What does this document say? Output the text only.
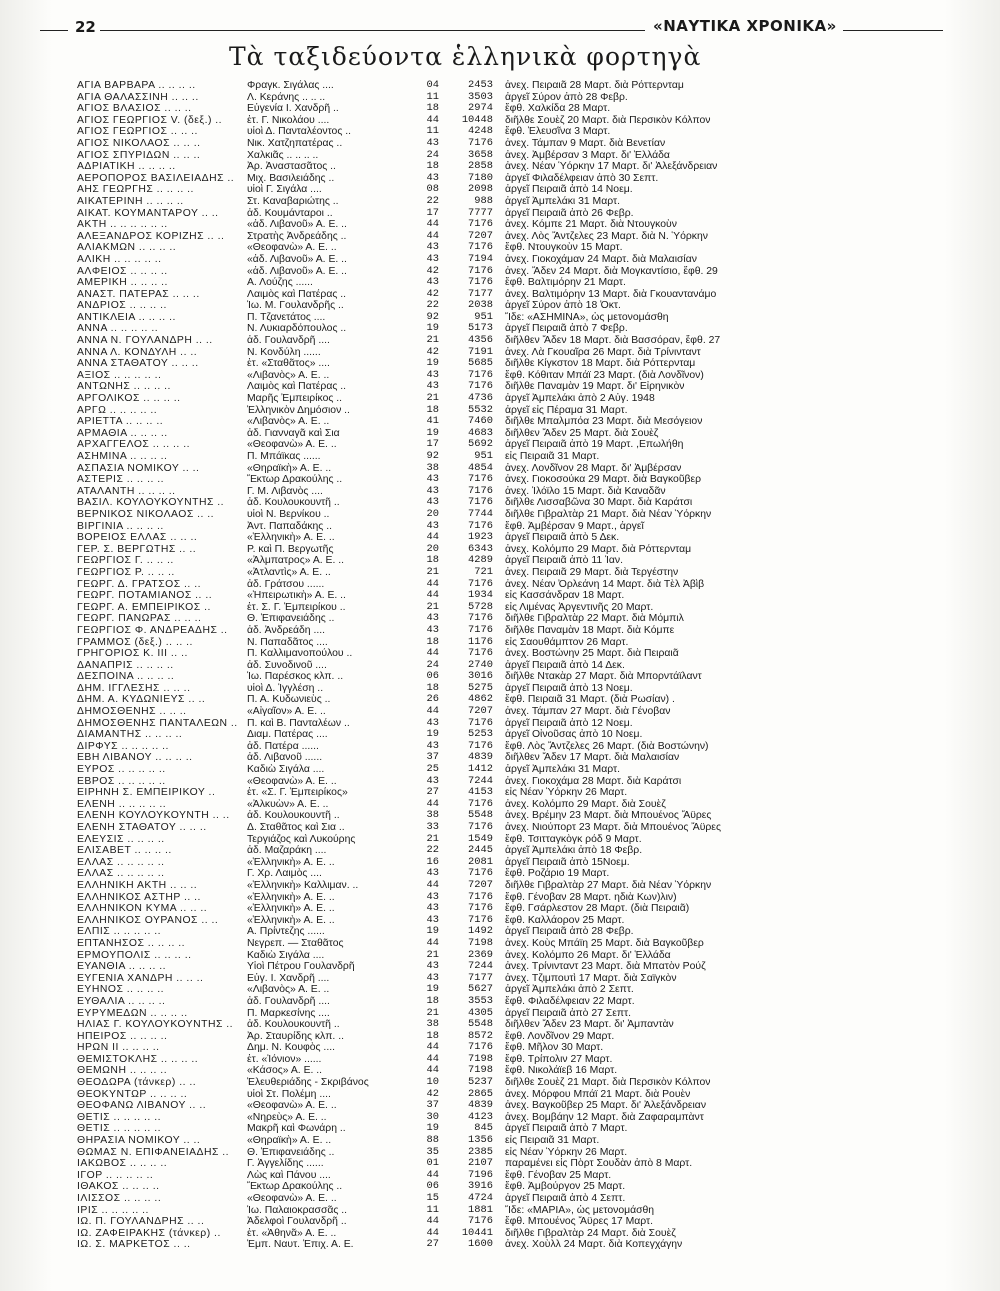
22	«ΝΑΥΤΙΚΑ ΧΡΟΝΙΚΑ»
Τὰ ταξιδεύοντα ἑλληνικὰ φορτηγὰ
ΑΓΙΑ ΒΑΡΒΑΡΑ .. .. .. ..	Φραγκ. Σιγάλας ....	04	2453 ἀνεχ. Πειραιᾶ 28 Μαρτ. διὰ Ρόττερνταμ
ΑΓΙΑ ΘΑΛΑΣΣΙΝΗ .. .. ..	Λ. Κεράνης .. .. ..	11	3503 ἀργεῖ Σύρον ἀπὸ 28 Φεβρ.
ΑΓΙΟΣ ΒΛΑΣΙΟΣ .. .. ..	Εὐγενία Ι. Χανδρῆ ..	18	2974 ἔφθ. Χαλκίδα 28 Μαρτ.
ΑΓΙΟΣ ΓΕΩΡΓΙΟΣ V. (δεξ.) ..	ἑτ. Γ. Νικολάου ....	44	10448 διῆλθε Σουὲζ 20 Μαρτ. διὰ Περσικὸν Κόλπον
ΑΓΙΟΣ ΓΕΩΡΓΙΟΣ .. .. ..	υἱοὶ Δ. Πανταλέοντος ..	11	4248 ἔφθ. Ἐλευσῖνα 3 Μαρτ.
ΑΓΙΟΣ ΝΙΚΟΛΑΟΣ .. .. ..	Νικ. Χατζηπατέρας ..	43	7176 ἀνεχ. Τάμπαν 9 Μαρτ. διὰ Βενετίαν
ΑΓΙΟΣ ΣΠΥΡΙΔΩΝ .. .. ..	Χαλκιᾶς .. .. .. ..	24	3658 ἀνεχ. Ἀμβέρσαν 3 Μαρτ. δι' Ἑλλάδα
ΑΔΡΙΑΤΙΚΗ .. .. .. ..	Ἀρ. Ἀναστασᾶτος ..	18	2858 ἀνεχ. Νέαν Ὑόρκην 17 Μαρτ. δι' Ἀλεξάνδρειαν
ΑΕΡΟΠΟΡΟΣ ΒΑΣΙΛΕΙΑΔΗΣ ..	Μιχ. Βασιλειάδης ..	43	7180 ἀργεῖ Φιλαδέλφειαν ἀπὸ 30 Σεπτ.
ΑΗΣ ΓΕΩΡΓΗΣ .. .. .. ..	υἱοὶ Γ. Σιγάλα ....	08	2098 ἀργεῖ Πειραιᾶ ἀπὸ 14 Νοεμ.
ΑΙΚΑΤΕΡΙΝΗ .. .. .. ..	Στ. Καναβαριώτης ..	22	988 ἀργεῖ Ἀμπελάκι 31 Μαρτ.
ΑΙΚΑΤ. ΚΟΥΜΑΝΤΑΡΟΥ .. ..	ἀδ. Κουμάνταροι ..	17	7777 ἀργεῖ Πειραιᾶ ἀπὸ 26 Φεβρ.
ΑΚΤΗ .. .. .. .. .. ..	«ἀδ. Λιβανοῦ» Α. Ε. ..	44	7176 ἀνεχ. Κόμπε 21 Μαρτ. διὰ Ντουγκοὺν
ΑΛΕΞΑΝΔΡΟΣ ΚΟΡΙΖΗΣ .. ..	Στρατὴς Ἀνδρεάδης ..	44	7207 ἀνεχ. Λὸς Ἄντζελες 23 Μαρτ. διὰ Ν. Ὑόρκην
ΑΛΙΑΚΜΩΝ .. .. .. ..	«Θεοφανὼ» Α. Ε. ..	43	7176 ἔφθ. Ντουγκοὺν 15 Μαρτ.
ΑΛΙΚΗ .. .. .. .. ..	«ἀδ. Λιβανοῦ» Α. Ε. ..	43	7194 ἀνεχ. Γιοκοχάμαν 24 Μαρτ. διὰ Μαλαισίαν
ΑΛΦΕΙΟΣ .. .. .. ..	«ἀδ. Λιβανοῦ» Α. Ε. ..	42	7176 ἀνεχ. Ἄδεν 24 Μαρτ. διὰ Μογκαντίσιο, ἔφθ. 29
ΑΜΕΡΙΚΗ .. .. .. ..	Α. Λούζης ......	43	7176 ἔφθ. Βαλτιμόρην 21 Μαρτ.
ΑΝΑΣΤ. ΠΑΤΕΡΑΣ .. .. ..	Λαιμὸς καὶ Πατέρας ..	42	7177 ἀνεχ. Βαλτιμόρην 13 Μαρτ. διὰ Γκουαντανάμο
ΑΝΔΡΙΟΣ .. .. .. ..	Ἰω. Μ. Γουλανδρῆς ..	22	2038 ἀργεῖ Σύρον ἀπὸ 18 Ὀκτ.
ΑΝΤΙΚΛΕΙΑ .. .. .. ..	Π. Τζανετάτος ....	92	951 Ἴδε: «ΑΣΗΜΙΝΑ», ὡς μετονομάσθη
ΑΝΝΑ .. .. .. .. ..	Ν. Λυκιαρδόπουλος ..	19	5173 ἀργεῖ Πειραιᾶ ἀπὸ 7 Φεβρ.
ΑΝΝΑ Ν. ΓΟΥΛΑΝΔΡΗ .. ..	ἀδ. Γουλανδρῆ ....	21	4356 διῆλθεν Ἄδεν 18 Μαρτ. διὰ Βασσόραν, ἔφθ. 27
ΑΝΝΑ Λ. ΚΟΝΔΥΛΗ .. ..	Ν. Κονδύλη ......	42	7191 ἀνεχ. Λὰ Γκουαῖρα 26 Μαρτ. διὰ Τρίνινταντ
ΑΝΝΑ ΣΤΑΘΑΤΟΥ .. .. ..	ἑτ. «Σταθᾶτος» ....	19	5685 διῆλθε Κίγκστον 18 Μαρτ. διὰ Ρόττερνταμ
ΑΞΙΟΣ .. .. .. .. ..	«Λιβανὸς» Α. Ε. ..	43	7176 ἔφθ. Κόθιταν Μπάϊ 23 Μαρτ. (διὰ Λονδῖνον)
ΑΝΤΩΝΗΣ .. .. .. ..	Λαιμὸς καὶ Πατέρας ..	43	7176 διῆλθε Παναμὰν 19 Μαρτ. δι' Εἰρηνικὸν
ΑΡΓΟΛΙΚΟΣ .. .. .. ..	Μαρῆς Ἐμπειρίκος ..	21	4736 ἀργεῖ Ἀμπελάκι ἀπὸ 2 Αὐγ. 1948
ΑΡΓΩ .. .. .. .. ..	Ἑλληνικὸν Δημόσιον ..	18	5532 ἀργεῖ εἰς Πέραμα 31 Μαρτ.
ΑΡΙΕΤΤΑ .. .. .. ..	«Λιβανὸς» Α. Ε. ..	41	7460 διῆλθε Μπαλμπόα 23 Μαρτ. διὰ Μεσόγειον
ΑΡΜΑΘΙΑ .. .. .. ..	ἀδ. Γιανναγᾶ καὶ Σια	19	4683 διῆλθεν Ἄδεν 25 Μαρτ. διὰ Σουὲζ
ΑΡΧΑΓΓΕΛΟΣ .. .. .. ..	«Θεοφανὼ» Α. Ε. ..	17	5692 ἀργεῖ Πειραιᾶ ἀπὸ 19 Μαρτ. ,Επωλήθη
ΑΣΗΜΙΝΑ .. .. .. ..	Π. Μπάϊκας ......	92	951 εἰς Πειραιᾶ 31 Μαρτ.
ΑΣΠΑΣΙΑ ΝΟΜΙΚΟΥ .. ..	«Θηραϊκὴ» Α. Ε. ..	38	4854 ἀνεχ. Λονδῖνον 28 Μαρτ. δι' Ἀμβέρσαν
ΑΣΤΕΡΙΣ .. .. .. ..	Ἕκτωρ Δρακούλης ..	43	7176 ἀνεχ. Γιοκοσούκα 29 Μαρτ. διὰ Βαγκοῦβερ
ΑΤΑΛΑΝΤΗ .. .. .. ..	Γ. Μ. Λιβανὸς ....	43	7176 ἀνεχ. Ἰλόϊλο 15 Μαρτ. διὰ Καναδᾶν
ΒΑΣΙΛ. ΚΟΥΛΟΥΚΟΥΝΤΗΣ ..	ἀδ. Κουλουκουντῆ ..	43	7176 διῆλθε Λισσαβῶνα 30 Μαρτ. διὰ Καράτσι
ΒΕΡΝΙΚΟΣ ΝΙΚΟΛΑΟΣ .. ..	υἱοὶ Ν. Βερνίκου ..	20	7744 διῆλθε Γιβραλτὰρ 21 Μαρτ. διὰ Νέαν Ὑόρκην
ΒΙΡΓΙΝΙΑ .. .. .. ..	Ἀντ. Παπαδάκης ..	43	7176 ἔφθ. Ἀμβέρσαν 9 Μαρτ., ἀργεῖ
ΒΟΡΕΙΟΣ ΕΛΛΑΣ .. .. ..	«Ἑλληνικὴ» Α. Ε. ..	44	1923 ἀργεῖ Πειραιᾶ ἀπὸ 5 Δεκ.
ΓΕΡ. Σ. ΒΕΡΓΩΤΗΣ .. ..	Ρ. καὶ Π. Βεργωτῆς	20	6343 ἀνεχ. Κολόμπο 29 Μαρτ. διὰ Ρόττερνταμ
ΓΕΩΡΓΙΟΣ Γ. .. .. ..	«Ἀλμπατρος» Α. Ε. ..	18	4289 ἀργεῖ Πειραιᾶ ἀπὸ 11 Ἰαν.
ΓΕΩΡΓΙΟΣ Ρ. .. .. ..	«Ἀτλαντὶς» Α. Ε. ..	21	721 ἀνεχ. Πειραιᾶ 29 Μαρτ. διὰ Τεργέστην
ΓΕΩΡΓ. Δ. ΓΡΑΤΣΟΣ .. ..	ἀδ. Γράτσου ......	44	7176 ἀνεχ. Νέαν Ὀρλεάνη 14 Μαρτ. διὰ Τὲλ Ἀβὶβ
ΓΕΩΡΓ. ΠΟΤΑΜΙΑΝΟΣ .. ..	«Ἠπειρωτικὴ» Α. Ε. ..	44	1934 εἰς Κασσάνδραν 18 Μαρτ.
ΓΕΩΡΓ. Α. ΕΜΠΕΙΡΙΚΟΣ ..	ἑτ. Σ. Γ. Ἐμπειρίκου ..	21	5728 εἰς Λιμένας Ἀργεντινῆς 20 Μαρτ.
ΓΕΩΡΓ. ΠΑΝΩΡΑΣ .. .. ..	Θ. Ἐπιφανειάδης ..	43	7176 διῆλθε Γιβραλτὰρ 22 Μαρτ. διὰ Μόμπιλ
ΓΕΩΡΓΙΟΣ Φ. ΑΝΔΡΕΑΔΗΣ ..	ἀδ. Ἀνδρεάδη ....	43	7176 διῆλθε Παναμὰν 18 Μαρτ. διὰ Κόμπε
ΓΡΑΜΜΟΣ (δεξ.) .. .. ..	Ν. Παπαδᾶτος ....	18	1176 εἰς Σαουθάμπτον 26 Μαρτ.
ΓΡΗΓΟΡΙΟΣ Κ. ΙΙΙ .. ..	Π. Καλλιμανοπούλου ..	44	7176 ἀνεχ. Βοστώνην 25 Μαρτ. διὰ Πειραιᾶ
ΔΑΝΑΠΡΙΣ .. .. .. ..	ἀδ. Συνοδινοῦ ....	24	2740 ἀργεῖ Πειραιᾶ ἀπὸ 14 Δεκ.
ΔΕΣΠΟΙΝΑ .. .. .. ..	Ἰω. Παρέσκος κλπ. ..	06	3016 διῆλθε Ντακὰρ 27 Μαρτ. διὰ Μπορντάϊλαντ
ΔΗΜ. ΙΓΓΛΕΣΗΣ .. .. ..	υἱοὶ Δ. Ἰγγλέση ..	18	5275 ἀργεῖ Πειραιᾶ ἀπὸ 13 Νοεμ.
ΔΗΜ. Α. ΚΥΔΩΝΙΕΥΣ .. ..	Π. Α. Κυδωνιεὺς ..	26	4862 ἔφθ. Πειραιᾶ 31 Μαρτ. (διὰ Ρωσίαν) .
ΔΗΜΟΣΘΕΝΗΣ .. .. ..	«Αἰγαῖον» Α. Ε. ..	44	7207 ἀνεχ. Τάμπαν 27 Μαρτ. διὰ Γένοβαν
ΔΗΜΟΣΘΕΝΗΣ ΠΑΝΤΑΛΕΩΝ .. Π. καὶ Β. Πανταλέων ..	43	7176 ἀργεῖ Πειραιᾶ ἀπὸ 12 Νοεμ.
ΔΙΑΜΑΝΤΗΣ .. .. .. ..	Διαμ. Πατέρας ....	19	5253 ἀργεῖ Οἰνοῦσας ἀπὸ 10 Νοεμ.
ΔΙΡΦΥΣ .. .. .. .. ..	ἀδ. Πατέρα ......	43	7176 ἔφθ. Λὸς Ἄντζελες 26 Μαρτ. (διὰ Βοστώνην)
ΕΒΗ ΛΙΒΑΝΟΥ .. .. .. ..	ἀδ. Λιβανοῦ ......	37	4839 διῆλθεν Ἄδεν 17 Μαρτ. διὰ Μαλαισίαν
ΕΥΡΟΣ .. .. .. .. ..	Καδιὼ Σιγάλα ....	25	1412 ἀργεῖ Ἀμπελάκι 31 Μαρτ.
ΕΒΡΟΣ .. .. .. .. ..	«Θεοφανὼ» Α. Ε. ..	43	7244 ἀνεχ. Γιοκοχάμα 28 Μαρτ. διὰ Καράτσι
ΕΙΡΗΝΗ Σ. ΕΜΠΕΙΡΙΚΟΥ ..	ἑτ. «Σ. Γ. Ἐμπειρίκος»	27	4153 εἰς Νέαν Ὑόρκην 26 Μαρτ.
ΕΛΕΝΗ .. .. .. .. ..	«Ἀλκυὼν» Α. Ε. ..	44	7176 ἀνεχ. Κολόμπο 29 Μαρτ. διὰ Σουὲζ
ΕΛΕΝΗ ΚΟΥΛΟΥΚΟΥΝΤΗ .. ..	ἀδ. Κουλουκουντῆ ..	38	5548 ἀνεχ. Βρέμην 23 Μαρτ. διὰ Μπουένος Ἄϋρες
ΕΛΕΝΗ ΣΤΑΘΑΤΟΥ .. .. ..	Δ. Σταθᾶτος καὶ Σια ..	33	7176 ἀνεχ. Νιούπορτ 23 Μαρτ. διὰ Μπουένος Ἄϋρες
ΕΛΕΥΣΙΣ .. .. .. ..	Τεργιάζος καὶ Λυκούρης	21	1549 ἔφθ. Τσιτταγκὸγκ ρόδ 9 Μαρτ.
ΕΛΙΣΑΒΕΤ .. .. .. ..	ἀδ. Μαζαράκη ....	22	2445 ἀργεῖ Ἀμπελάκι ἀπὸ 18 Φεβρ.
ΕΛΛΑΣ .. .. .. .. ..	«Ἑλληνικὴ» Α. Ε. ..	16	2081 ἀργεῖ Πειραιᾶ ἀπὸ 15Νοεμ.
ΕΛΛΑΣ .. .. .. .. ..	Γ. Χρ. Λαιμὸς ....	43	7176 ἔφθ. Ροζάριο 19 Μαρτ.
ΕΛΛΗΝΙΚΗ ΑΚΤΗ .. .. ..	«Ἑλληνικὴ» Καλλιμαν. ..	44	7207 διῆλθε Γιβραλτὰρ 27 Μαρτ. διὰ Νέαν Ὑόρκην
ΕΛΛΗΝΙΚΟΣ ΑΣΤΗΡ .. ..	«Ἑλληνικὴ» Α. Ε. ..	43	7176 ἔφθ. Γένοβαν 28 Μαρτ. ηδιὰ Κων)λιν)
ΕΛΛΗΝΙΚΟΝ ΚΥΜΑ .. .. ..	«Ἑλληνικὴ» Α. Ε. ..	43	7176 ἔφθ. Γσάρλεστον 28 Μαρτ. (διὰ Πειραιᾶ)
ΕΛΛΗΝΙΚΟΣ ΟΥΡΑΝΟΣ .. ..	«Ἑλληνικὴ» Α. Ε. ..	43	7176 ἔφθ. Καλλάορον 25 Μαρτ.
ΕΛΠΙΣ .. .. .. .. ..	Α. Πρίντεζης ......	19	1492 ἀργεῖ Πειραιᾶ ἀπὸ 28 Φεβρ.
ΕΠΤΑΝΗΣΟΣ .. .. .. ..	Νεγρεπ. — Σταθᾶτος	44	7198 ἀνεχ. Κοὺς Μπάϊη 25 Μαρτ. διὰ Βαγκοῦβερ
ΕΡΜΟΥΠΟΛΙΣ .. .. .. ..	Καδιὼ Σιγάλα ....	21	2369 ἀνεχ. Κολόμπο 26 Μαρτ. δι' Ἑλλάδα
ΕΥΑΝΘΙΑ .. .. .. ..	Υἱοὶ Πέτρου Γουλανδρῆ	43	7244 ἀνεχ. Τρίνινταντ 23 Μαρτ. διὰ Μπατὸν Ρούζ
ΕΥΓΕΝΙΑ ΧΑΝΔΡΗ .. .. ..	Εὐγ. Ι. Χανδρῆ ....	43	7177 ἀνεχ. Τζιμπουτὶ 17 Μαρτ. διὰ Σαϊγκὸν
ΕΥΗΝΟΣ .. .. .. ..	«Λιβανὸς» Α. Ε. ..	19	5627 ἀργεῖ Ἀμπελάκι ἀπὸ 2 Σεπτ.
ΕΥΘΑΛΙΑ .. .. .. ..	ἀδ. Γουλανδρῆ ....	18	3553 ἔφθ. Φιλαδέλφειαν 22 Μαρτ.
ΕΥΡΥΜΕΔΩΝ .. .. .. ..	Π. Μαρκεσίνης ....	21	4305 ἀργεῖ Πειραιᾶ ἀπὸ 27 Σεπτ.
ΗΛΙΑΣ Γ. ΚΟΥΛΟΥΚΟΥΝΤΗΣ ..	ἀδ. Κουλουκουντῆ ..	38	5548 διῆλθεν Ἄδεν 23 Μαρτ. δι' Ἀμπαντὰν
ΗΠΕΙΡΟΣ .. .. .. ..	Ἀρ. Σταυρίδης κλπ. ..	18	8572 ἔφθ. Λονδῖνον 29 Μαρτ.
ΗΡΩΝ ΙΙ .. .. .. ..	Δημ. Ν. Κουφὸς ....	44	7176 ἔφθ. Μῆλον 30 Μαρτ.
ΘΕΜΙΣΤΟΚΛΗΣ .. .. .. ..	ἑτ. «Ἰόνιον» ......	44	7198 ἔφθ. Τρίπολιν 27 Μαρτ.
ΘΕΜΩΝΗ .. .. .. ..	«Κάσος» Α. Ε. ..	44	7198 ἔφθ. Νικολάϊεβ 16 Μαρτ.
ΘΕΟΔΩΡΑ (τάνκερ) .. ..	Ἐλευθεριάδης - Σκριβάνος	10	5237 διῆλθε Σουὲζ 21 Μαρτ. διὰ Περσικὸν Κόλπον
ΘΕΟΚΥΝΤΩΡ .. .. .. ..	υἱοὶ Στ. Πολέμη ....	42	2865 ἀνεχ. Μόρφου Μπάϊ 21 Μαρτ. διὰ Ρουὲν
ΘΕΟΦΑΝΩ ΛΙΒΑΝΟΥ .. ..	«Θεοφανὼ» Α. Ε. ..	37	4839 ἀνεχ. Βαγκοῦβερ 25 Μαρτ. δι' Ἀλεξάνδρειαν
ΘΕΤΙΣ .. .. .. .. ..	«Νηρεὺς» Α. Ε. ..	30	4123 ἀνεχ. Βομβάην 12 Μαρτ. διὰ Ζαφαραμπὰντ
ΘΕΤΙΣ .. .. .. .. ..	Μακρῆ καὶ Φωνάρη ..	19	845 ἀργεῖ Πειραιᾶ ἀπὸ 7 Μαρτ.
ΘΗΡΑΣΙΑ ΝΟΜΙΚΟΥ .. ..	«Θηραϊκὴ» Α. Ε. ..	88	1356 εἰς Πειραιᾶ 31 Μαρτ.
ΘΩΜΑΣ Ν. ΕΠΙΦΑΝΕΙΑΔΗΣ ..	Θ. Ἐπιφανειάδης ..	35	2385 εἰς Νέαν Ὑόρκην 26 Μαρτ.
ΙΑΚΩΒΟΣ .. .. .. ..	Γ. Ἀγγελίδης ......	01	2107 παραμένει εἰς Πὸρτ Σουδὰν ἀπὸ 8 Μαρτ.
ΙΓΟΡ .. .. .. .. ..	Λὼς καὶ Πάνου ....	44	7196 ἔφθ. Γένοβαν 25 Μαρτ.
ΙΘΑΚΟΣ .. .. .. ..	Ἕκτωρ Δρακούλης ..	06	3916 ἔφθ. Ἀμβούργον 25 Μαρτ.
ΙΛΙΣΣΟΣ .. .. .. ..	«Θεοφανὼ» Α. Ε. ..	15	4724 ἀργεῖ Πειραιᾶ ἀπὸ 4 Σεπτ.
ΙΡΙΣ .. .. .. .. ..	Ἰω. Παλαιοκρασσᾶς ..	11	1881 Ἴδε: «ΜΑΡΙΑ», ὡς μετονομάσθη
ΙΩ. Π. ΓΟΥΛΑΝΔΡΗΣ .. ..	Ἀδελφοὶ Γουλανδρῆ ..	44	7176 ἔφθ. Μπουένος Ἄϋρες 17 Μαρτ.
ΙΩ. ΖΑΦΕΙΡΑΚΗΣ (τάνκερ) ..	ἑτ. «Ἀθηνᾶ» Α. Ε. ..	44	10441 διῆλθε Γιβραλτὰρ 24 Μαρτ. διὰ Σουὲζ
ΙΩ. Σ. ΜΑΡΚΕΤΟΣ .. ..	Ἐμπ. Ναυτ. Ἐπιχ. Α. Ε.	27	1600 ἀνεχ. Χοὺλλ 24 Μαρτ. διὰ Κοπεγχάγην
